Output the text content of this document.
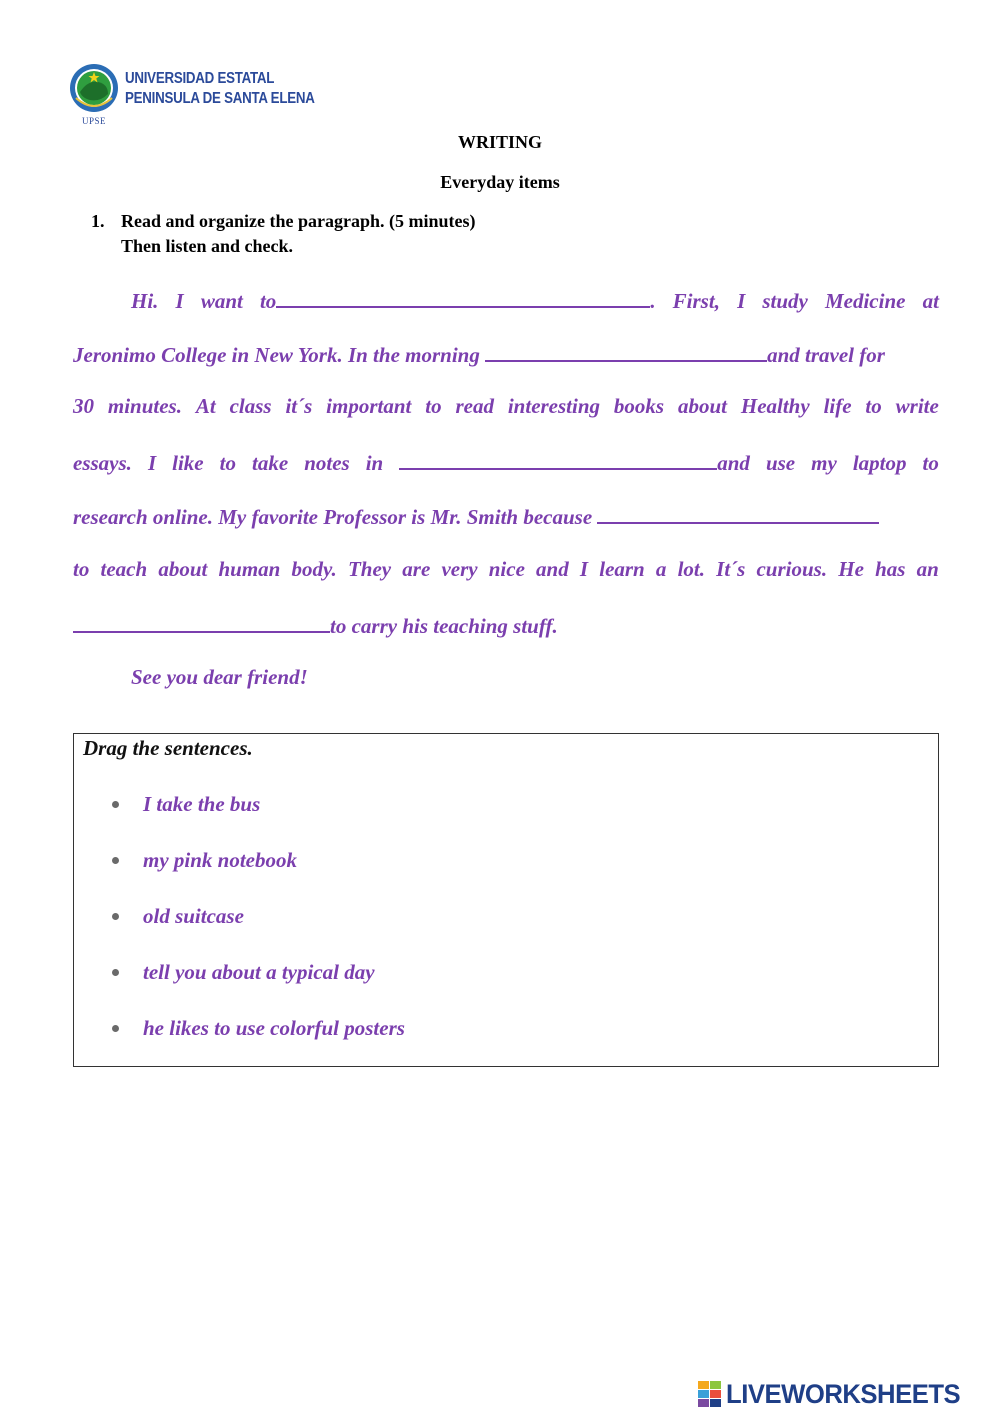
UNIVERSIDAD ESTATAL
PENINSULA DE SANTA ELENA
UPSE
WRITING
Everyday items
1. Read and organize the paragraph. (5 minutes)

Then listen and check.
Hi. I want to	. First, I study Medicine at
Jeronimo College in New York. In the morning	and travel for
30 minutes. At class it´s important to read interesting books about Healthy life to write
essays. I like to take notes in	and use my laptop to
research online. My favorite Professor is Mr. Smith because
to teach about human body. They are very nice and I learn a lot. It´s curious. He has an
to carry his teaching stuff.
See you dear friend!
Drag the sentences.
I take the bus
my pink notebook
old suitcase
tell you about a typical day
he likes to use colorful posters
LIVEWORKSHEETS
